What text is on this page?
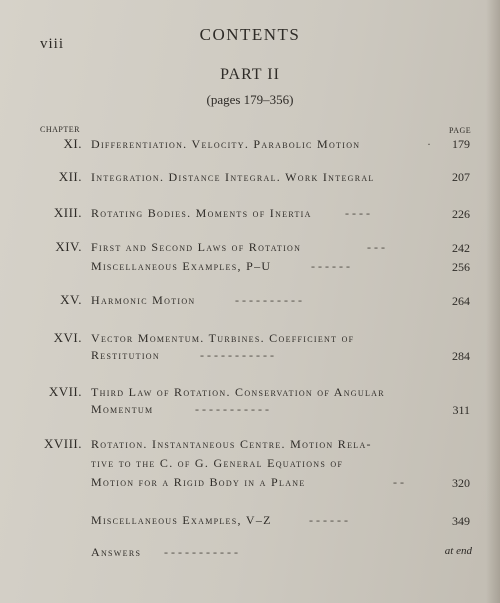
viii	CONTENTS
PART II
(pages 179–356)
CHAPTER	PAGE
XI. Differentiation. Velocity. Parabolic Motion	·	179
XII. Integration. Distance Integral. Work Integral	207
XIII. Rotating Bodies. Moments of Inertia	- - - -	226
XIV. First and Second Laws of Rotation	- - -	242
Miscellaneous Examples, P–U	- - - - - -	256
XV. Harmonic Motion	- - - - - - - - - -	264
XVI. Vector Momentum. Turbines. Coefficient of
Restitution	- - - - - - - - - - -	284
XVII. Third Law of Rotation. Conservation of Angular
Momentum	- - - - - - - - - - -	311
XVIII. Rotation. Instantaneous Centre. Motion Rela-
tive to the C. of G. General Equations of
Motion for a Rigid Body in a Plane	- -	320
Miscellaneous Examples, V–Z	- - - - - -	349
Answers - - - - - - - - - - -	at end
